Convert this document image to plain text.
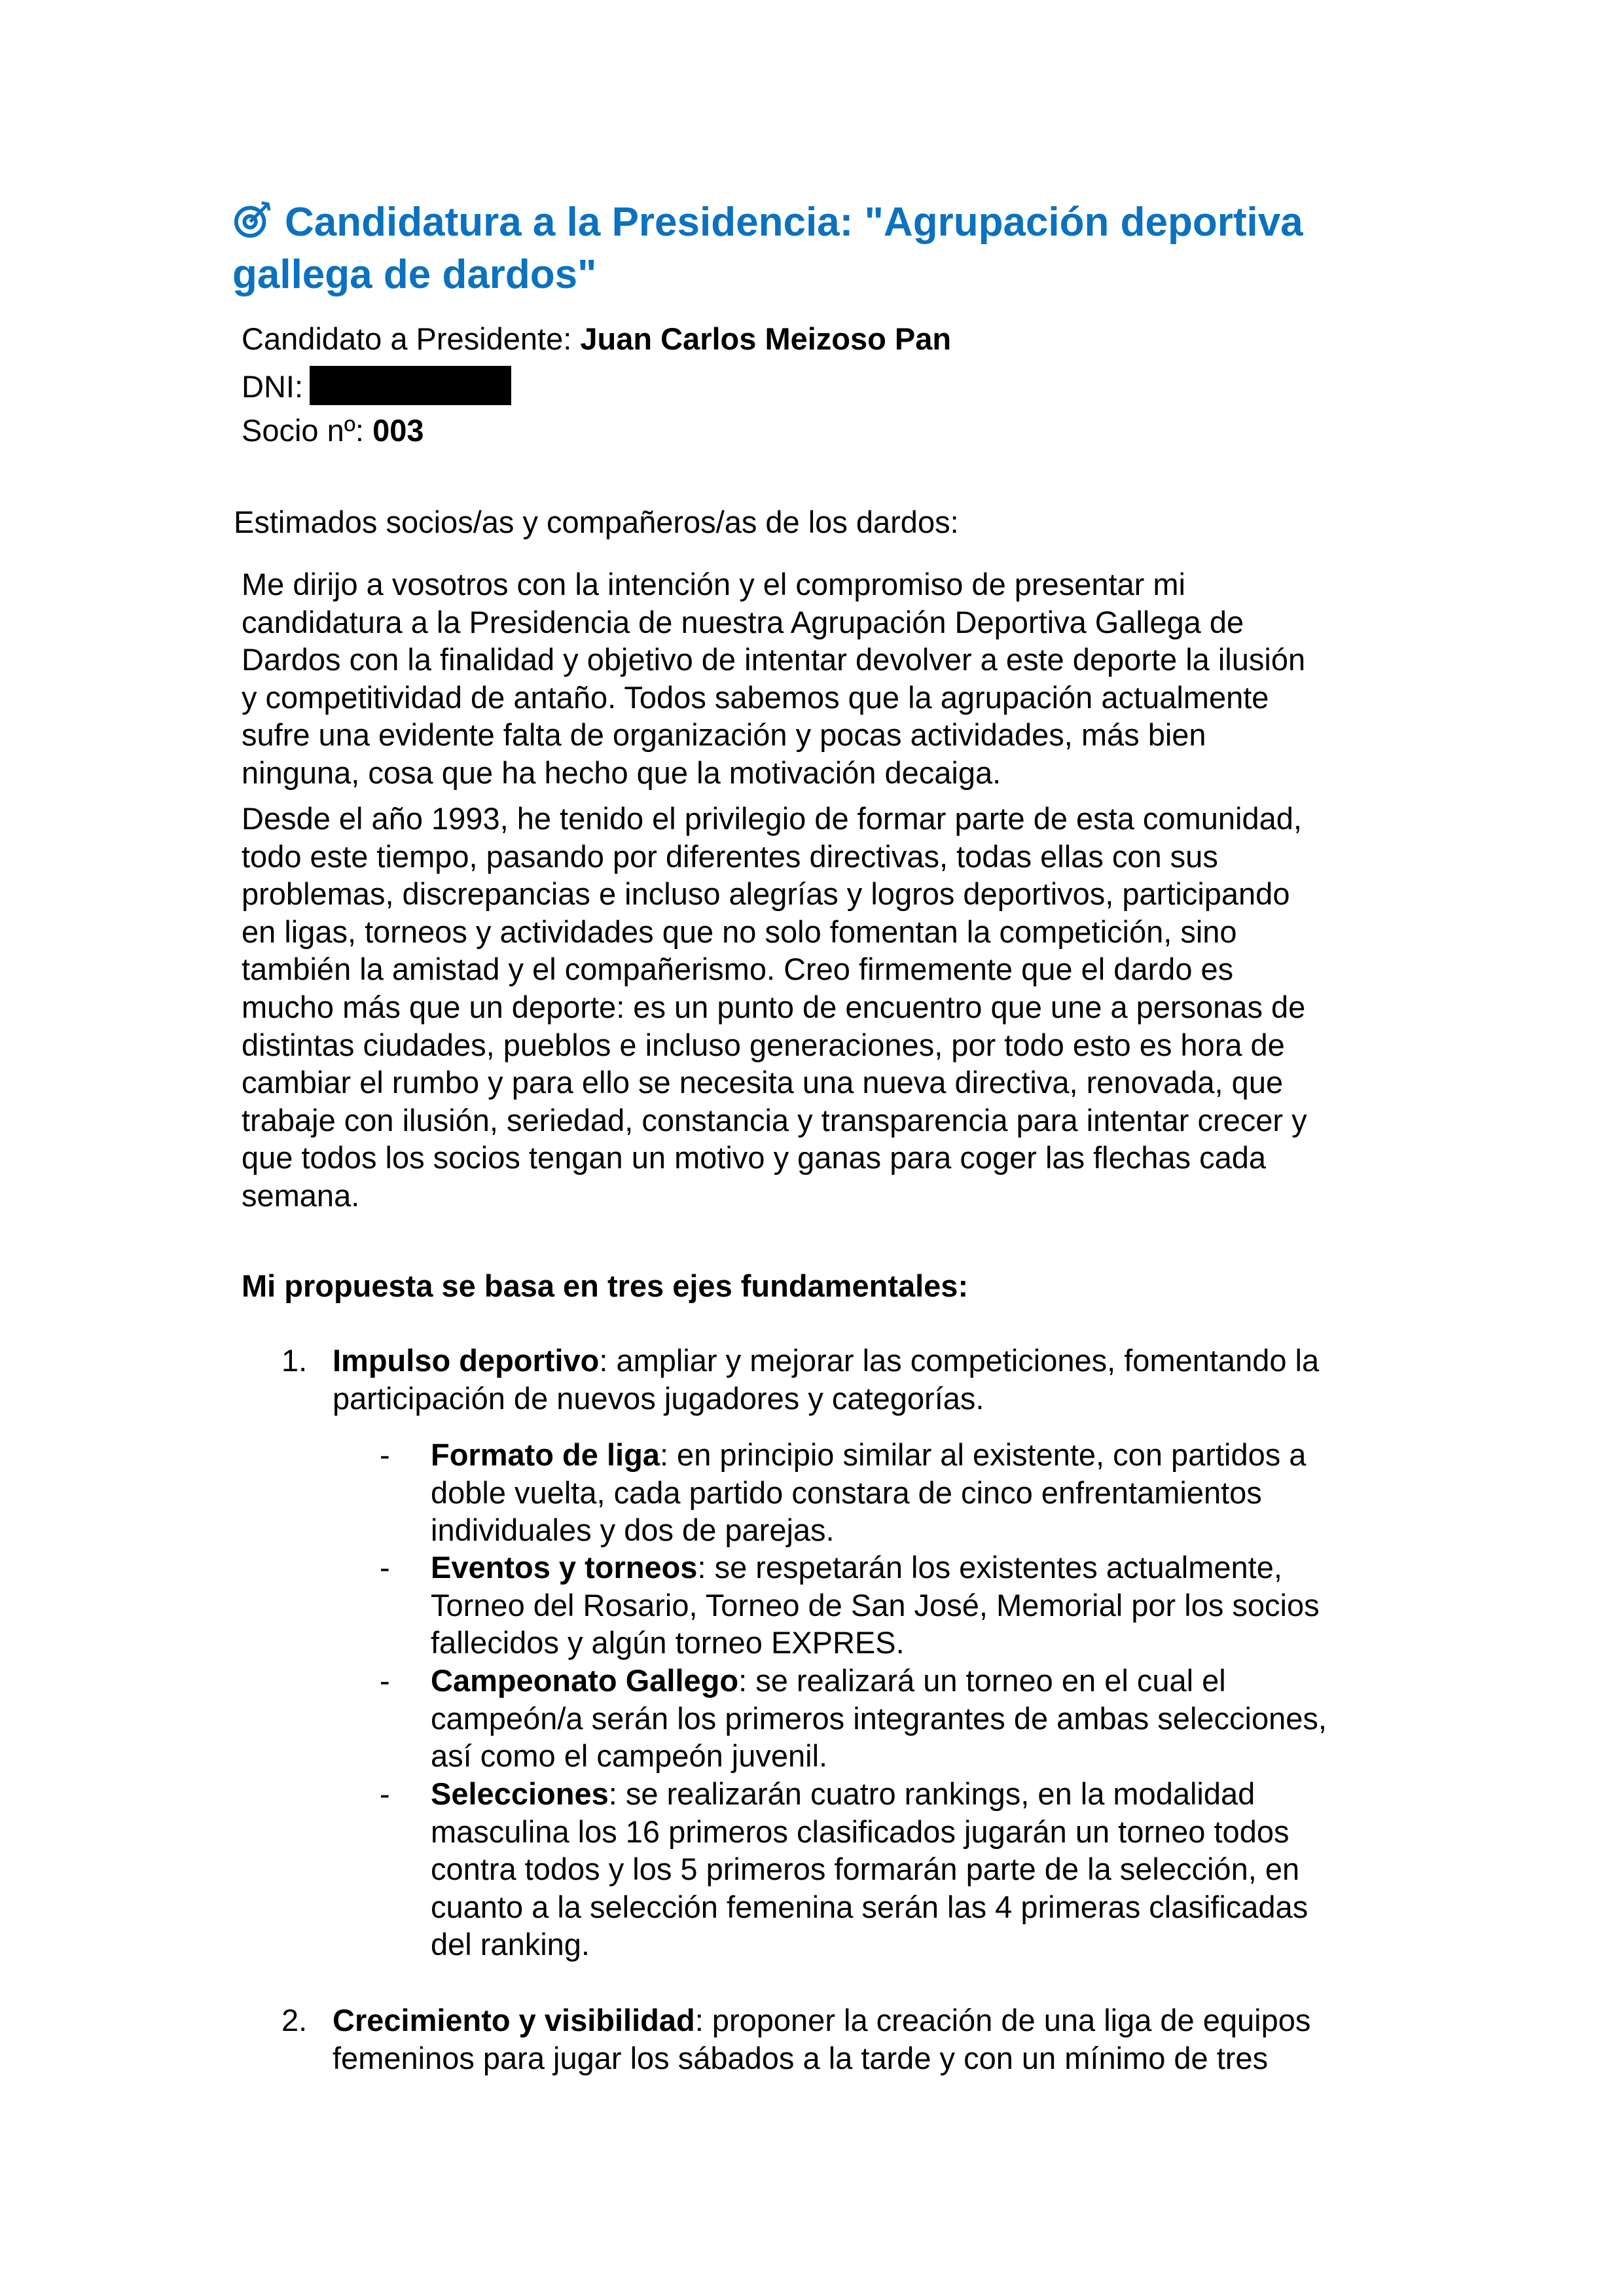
Candidatura a la Presidencia: "Agrupación deportiva
gallega de dardos"
Candidato a Presidente: Juan Carlos Meizoso Pan
DNI:
Socio nº: 003
Estimados socios/as y compañeros/as de los dardos:
Me dirijo a vosotros con la intención y el compromiso de presentar mi
candidatura a la Presidencia de nuestra Agrupación Deportiva Gallega de
Dardos con la finalidad y objetivo de intentar devolver a este deporte la ilusión
y competitividad de antaño. Todos sabemos que la agrupación actualmente
sufre una evidente falta de organización y pocas actividades, más bien
ninguna, cosa que ha hecho que la motivación decaiga.
Desde el año 1993, he tenido el privilegio de formar parte de esta comunidad,
todo este tiempo, pasando por diferentes directivas, todas ellas con sus
problemas, discrepancias e incluso alegrías y logros deportivos, participando
en ligas, torneos y actividades que no solo fomentan la competición, sino
también la amistad y el compañerismo. Creo firmemente que el dardo es
mucho más que un deporte: es un punto de encuentro que une a personas de
distintas ciudades, pueblos e incluso generaciones, por todo esto es hora de
cambiar el rumbo y para ello se necesita una nueva directiva, renovada, que
trabaje con ilusión, seriedad, constancia y transparencia para intentar crecer y
que todos los socios tengan un motivo y ganas para coger las flechas cada
semana.
Mi propuesta se basa en tres ejes fundamentales:
1. Impulso deportivo: ampliar y mejorar las competiciones, fomentando la
participación de nuevos jugadores y categorías.
- Formato de liga: en principio similar al existente, con partidos a
doble vuelta, cada partido constara de cinco enfrentamientos
individuales y dos de parejas.
- Eventos y torneos: se respetarán los existentes actualmente,
Torneo del Rosario, Torneo de San José, Memorial por los socios
fallecidos y algún torneo EXPRES.
- Campeonato Gallego: se realizará un torneo en el cual el
campeón/a serán los primeros integrantes de ambas selecciones,
así como el campeón juvenil.
- Selecciones: se realizarán cuatro rankings, en la modalidad
masculina los 16 primeros clasificados jugarán un torneo todos
contra todos y los 5 primeros formarán parte de la selección, en
cuanto a la selección femenina serán las 4 primeras clasificadas
del ranking.
2. Crecimiento y visibilidad: proponer la creación de una liga de equipos
femeninos para jugar los sábados a la tarde y con un mínimo de tres
